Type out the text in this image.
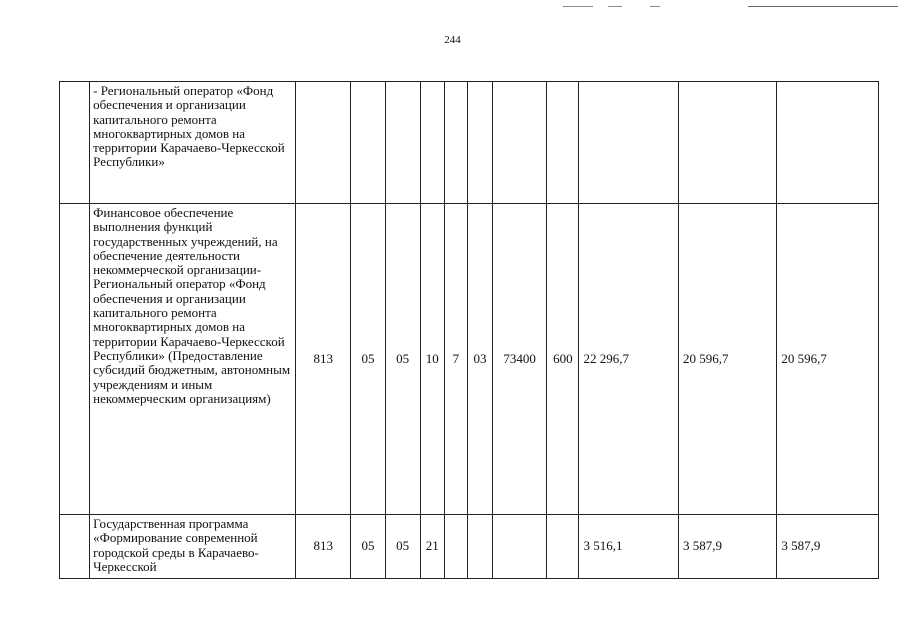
244
	- Региональный оператор «Фонд обеспечения и организации капитального ремонта многоквартирных домов на территории Карачаево-Черкесской Республики»											
	Финансовое обеспечение выполнения функций государственных учреждений, на обеспечение деятельности некоммерческой организации- Региональный оператор «Фонд обеспечения и организации капитального ремонта многоквартирных домов на территории Карачаево-Черкесской Республики» (Предоставление субсидий бюджетным, автономным учреждениям и иным некоммерческим организациям)	813	05	05	10	7	03	73400	600	22 296,7	20 596,7	20 596,7
	Государственная программа «Формирование современной городской среды в Карачаево-Черкесской	813	05	05	21					3 516,1	3 587,9	3 587,9
